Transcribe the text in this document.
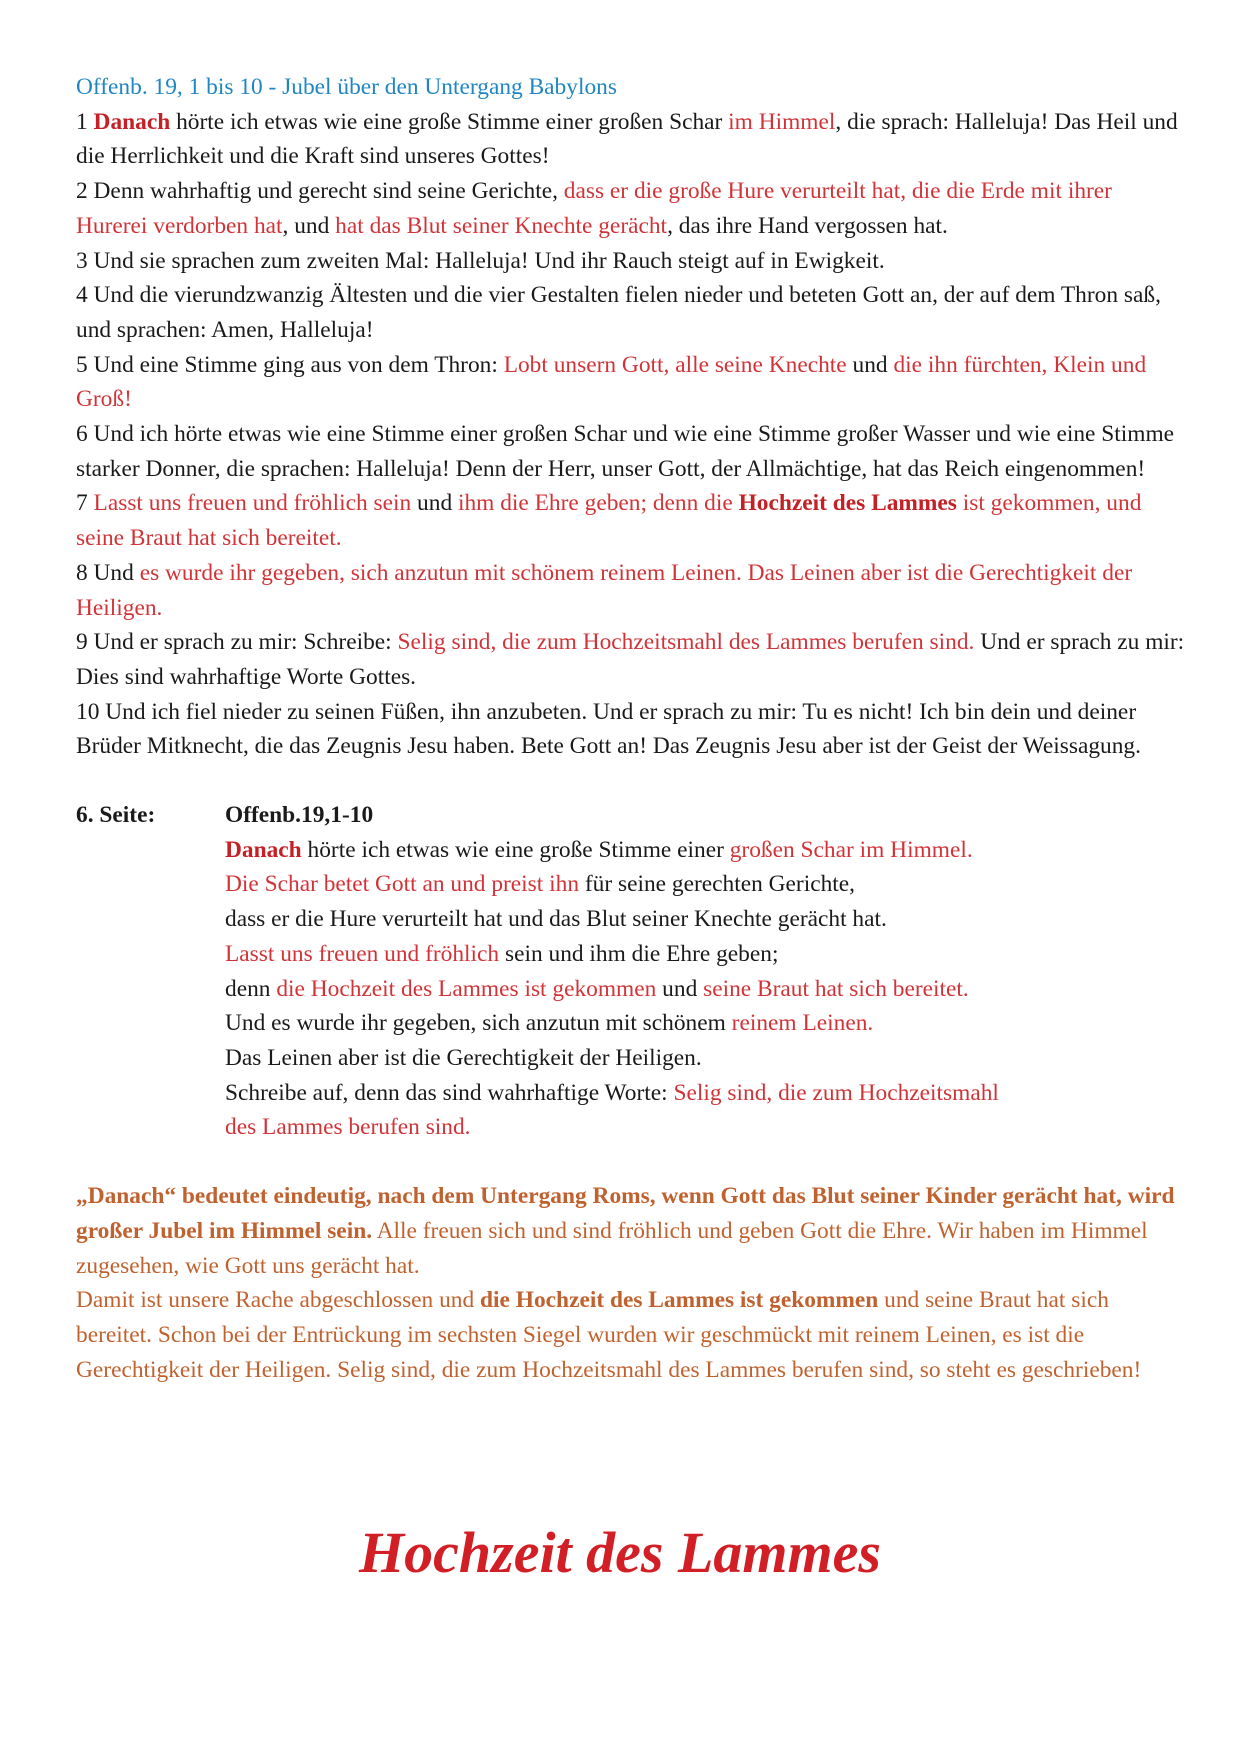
Offenb. 19, 1 bis 10 - Jubel über den Untergang Babylons

1 Danach hörte ich etwas wie eine große Stimme einer großen Schar im Himmel, die sprach: Halleluja! Das Heil und die Herrlichkeit und die Kraft sind unseres Gottes!

2 Denn wahrhaftig und gerecht sind seine Gerichte, dass er die große Hure verurteilt hat, die die Erde mit ihrer Hurerei verdorben hat, und hat das Blut seiner Knechte gerächt, das ihre Hand vergossen hat.

3 Und sie sprachen zum zweiten Mal: Halleluja! Und ihr Rauch steigt auf in Ewigkeit.

4 Und die vierundzwanzig Ältesten und die vier Gestalten fielen nieder und beteten Gott an, der auf dem Thron saß, und sprachen: Amen, Halleluja!

5 Und eine Stimme ging aus von dem Thron: Lobt unsern Gott, alle seine Knechte und die ihn fürchten, Klein und Groß!

6 Und ich hörte etwas wie eine Stimme einer großen Schar und wie eine Stimme großer Wasser und wie eine Stimme starker Donner, die sprachen: Halleluja! Denn der Herr, unser Gott, der Allmächtige, hat das Reich eingenommen!

7 Lasst uns freuen und fröhlich sein und ihm die Ehre geben; denn die Hochzeit des Lammes ist gekommen, und seine Braut hat sich bereitet.

8 Und es wurde ihr gegeben, sich anzutun mit schönem reinem Leinen. Das Leinen aber ist die Gerechtigkeit der Heiligen.

9 Und er sprach zu mir: Schreibe: Selig sind, die zum Hochzeitsmahl des Lammes berufen sind. Und er sprach zu mir: Dies sind wahrhaftige Worte Gottes.

10 Und ich fiel nieder zu seinen Füßen, ihn anzubeten. Und er sprach zu mir: Tu es nicht! Ich bin dein und deiner Brüder Mitknecht, die das Zeugnis Jesu haben. Bete Gott an! Das Zeugnis Jesu aber ist der Geist der Weissagung.

6. Seite:	Offenb.19,1-10
Danach hörte ich etwas wie eine große Stimme einer großen Schar im Himmel.
Die Schar betet Gott an und preist ihn für seine gerechten Gerichte,
dass er die Hure verurteilt hat und das Blut seiner Knechte gerächt hat.
Lasst uns freuen und fröhlich sein und ihm die Ehre geben;
denn die Hochzeit des Lammes ist gekommen und seine Braut hat sich bereitet.
Und es wurde ihr gegeben, sich anzutun mit schönem reinem Leinen.
Das Leinen aber ist die Gerechtigkeit der Heiligen.
Schreibe auf, denn das sind wahrhaftige Worte: Selig sind, die zum Hochzeitsmahl
des Lammes berufen sind.

„Danach“ bedeutet eindeutig, nach dem Untergang Roms, wenn Gott das Blut seiner Kinder gerächt hat, wird großer Jubel im Himmel sein. Alle freuen sich und sind fröhlich und geben Gott die Ehre. Wir haben im Himmel zugesehen, wie Gott uns gerächt hat.

Damit ist unsere Rache abgeschlossen und die Hochzeit des Lammes ist gekommen und seine Braut hat sich bereitet. Schon bei der Entrückung im sechsten Siegel wurden wir geschmückt mit reinem Leinen, es ist die Gerechtigkeit der Heiligen. Selig sind, die zum Hochzeitsmahl des Lammes berufen sind, so steht es geschrieben!

Hochzeit des Lammes
